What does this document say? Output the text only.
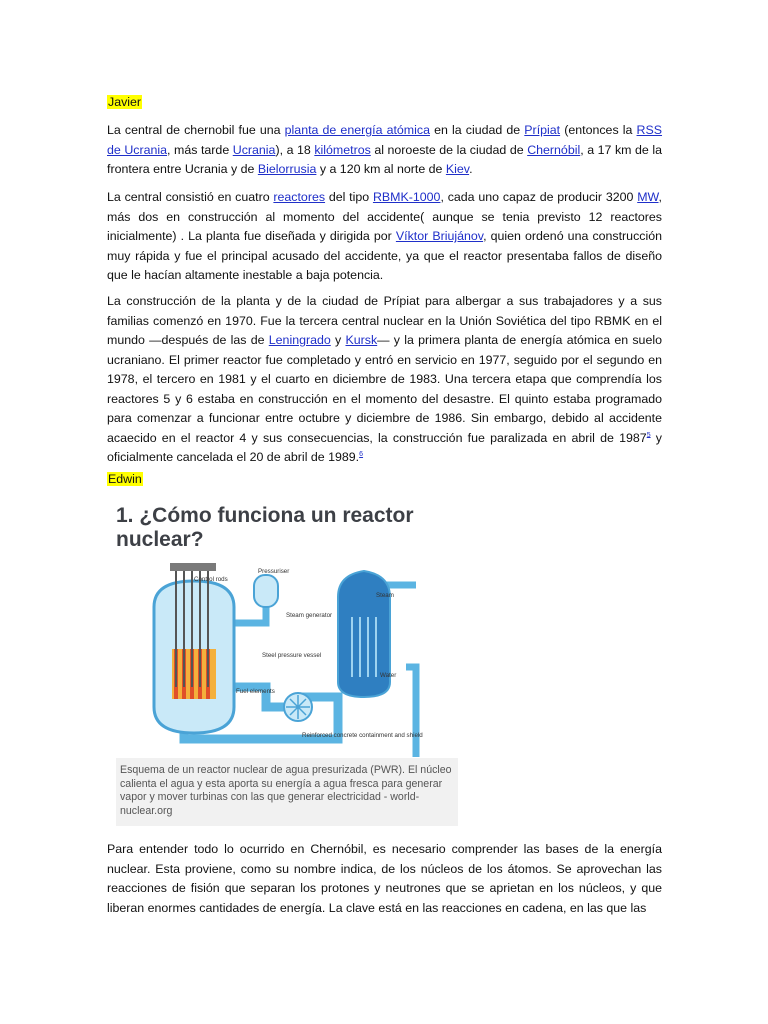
Javier

La central de chernobil fue una planta de energía atómica en la ciudad de Prípiat (entonces la RSS de Ucrania, más tarde Ucrania), a 18 kilómetros al noroeste de la ciudad de Chernóbil, a 17 km de la frontera entre Ucrania y de Bielorrusia y a 120 km al norte de Kiev.

La central consistió en cuatro reactores del tipo RBMK-1000, cada uno capaz de producir 3200 MW, más dos en construcción al momento del accidente( aunque se tenia previsto 12 reactores inicialmente) . La planta fue diseñada y dirigida por Víktor Briujánov, quien ordenó una construcción muy rápida y fue el principal acusado del accidente, ya que el reactor presentaba fallos de diseño que le hacían altamente inestable a baja potencia.

La construcción de la planta y de la ciudad de Prípiat para albergar a sus trabajadores y a sus familias comenzó en 1970. Fue la tercera central nuclear en la Unión Soviética del tipo RBMK en el mundo —después de las de Leningrado y Kursk— y la primera planta de energía atómica en suelo ucraniano. El primer reactor fue completado y entró en servicio en 1977, seguido por el segundo en 1978, el tercero en 1981 y el cuarto en diciembre de 1983. Una tercera etapa que comprendía los reactores 5 y 6 estaba en construcción en el momento del desastre. El quinto estaba programado para comenzar a funcionar entre octubre y diciembre de 1986. Sin embargo, debido al accidente acaecido en el reactor 4 y sus consecuencias, la construcción fue paralizada en abril de 1987$^5$ y oficialmente cancelada el 20 de abril de 1989.$^6$

Edwin
1. ¿Cómo funciona un reactor nuclear?
Control rods
Pressuriser
Steam generator
Steam
Steel pressure vessel
Water
Fuel elements
Reinforced concrete containment and shield

Esquema de un reactor nuclear de agua presurizada (PWR). El núcleo calienta el agua y esta aporta su energía a agua fresca para generar vapor y mover turbinas con las que generar electricidad - world-nuclear.org

Para entender todo lo ocurrido en Chernóbil, es necesario comprender las bases de la energía nuclear. Esta proviene, como su nombre indica, de los núcleos de los átomos. Se aprovechan las reacciones de fisión que separan los protones y neutrones que se aprietan en los núcleos, y que liberan enormes cantidades de energía. La clave está en las reacciones en cadena, en las que las
